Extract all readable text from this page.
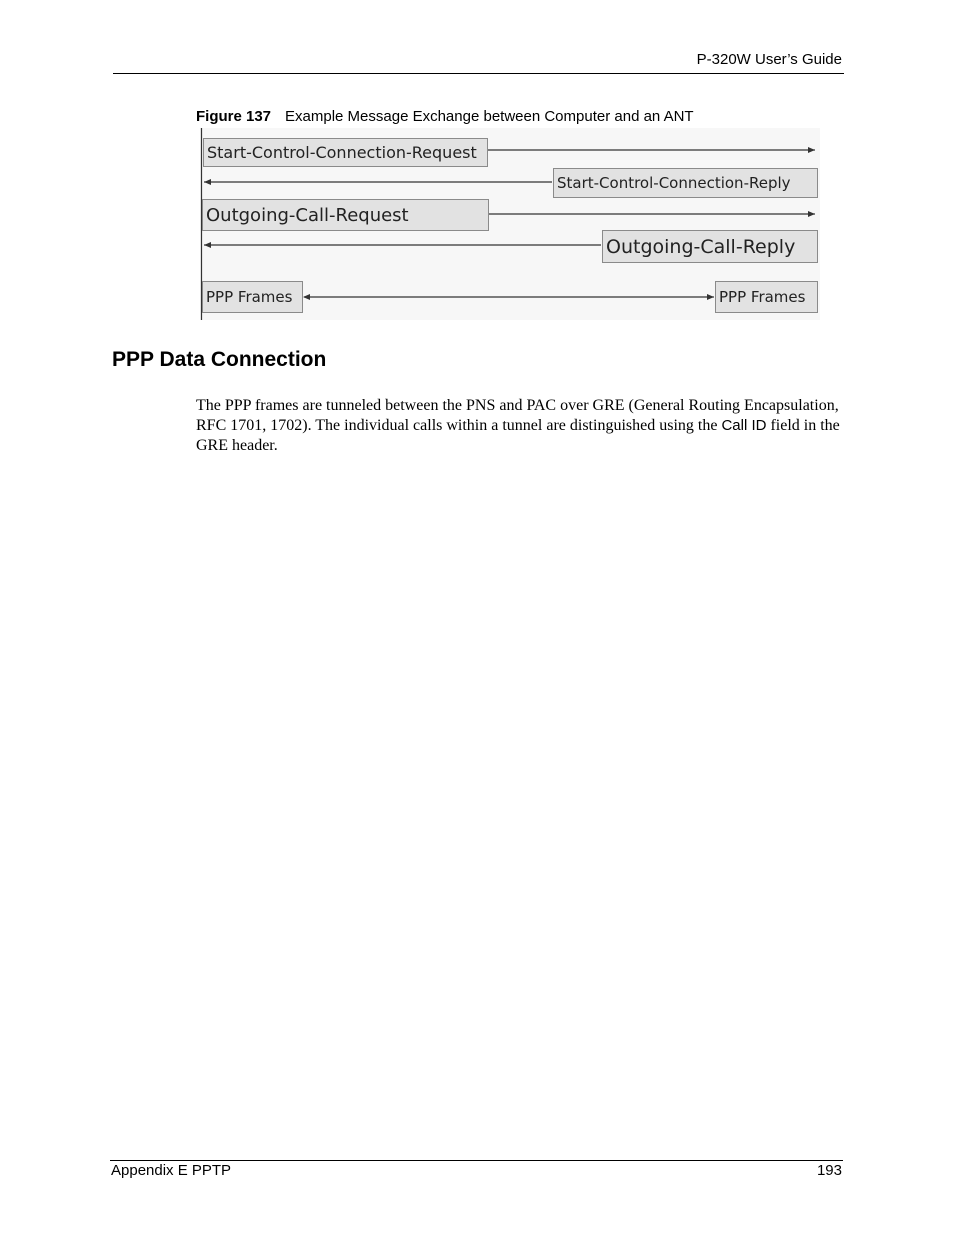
P-320W User’s Guide
Figure 137 Example Message Exchange between Computer and an ANT
Start-Control-Connection-Request
Start-Control-Connection-Reply
Outgoing-Call-Request
Outgoing-Call-Reply
PPP Frames	PPP Frames
PPP Data Connection
The PPP frames are tunneled between the PNS and PAC over GRE (General Routing Encapsulation, RFC 1701, 1702). The individual calls within a tunnel are distinguished using the Call ID field in the GRE header.
Appendix E PPTP	193
